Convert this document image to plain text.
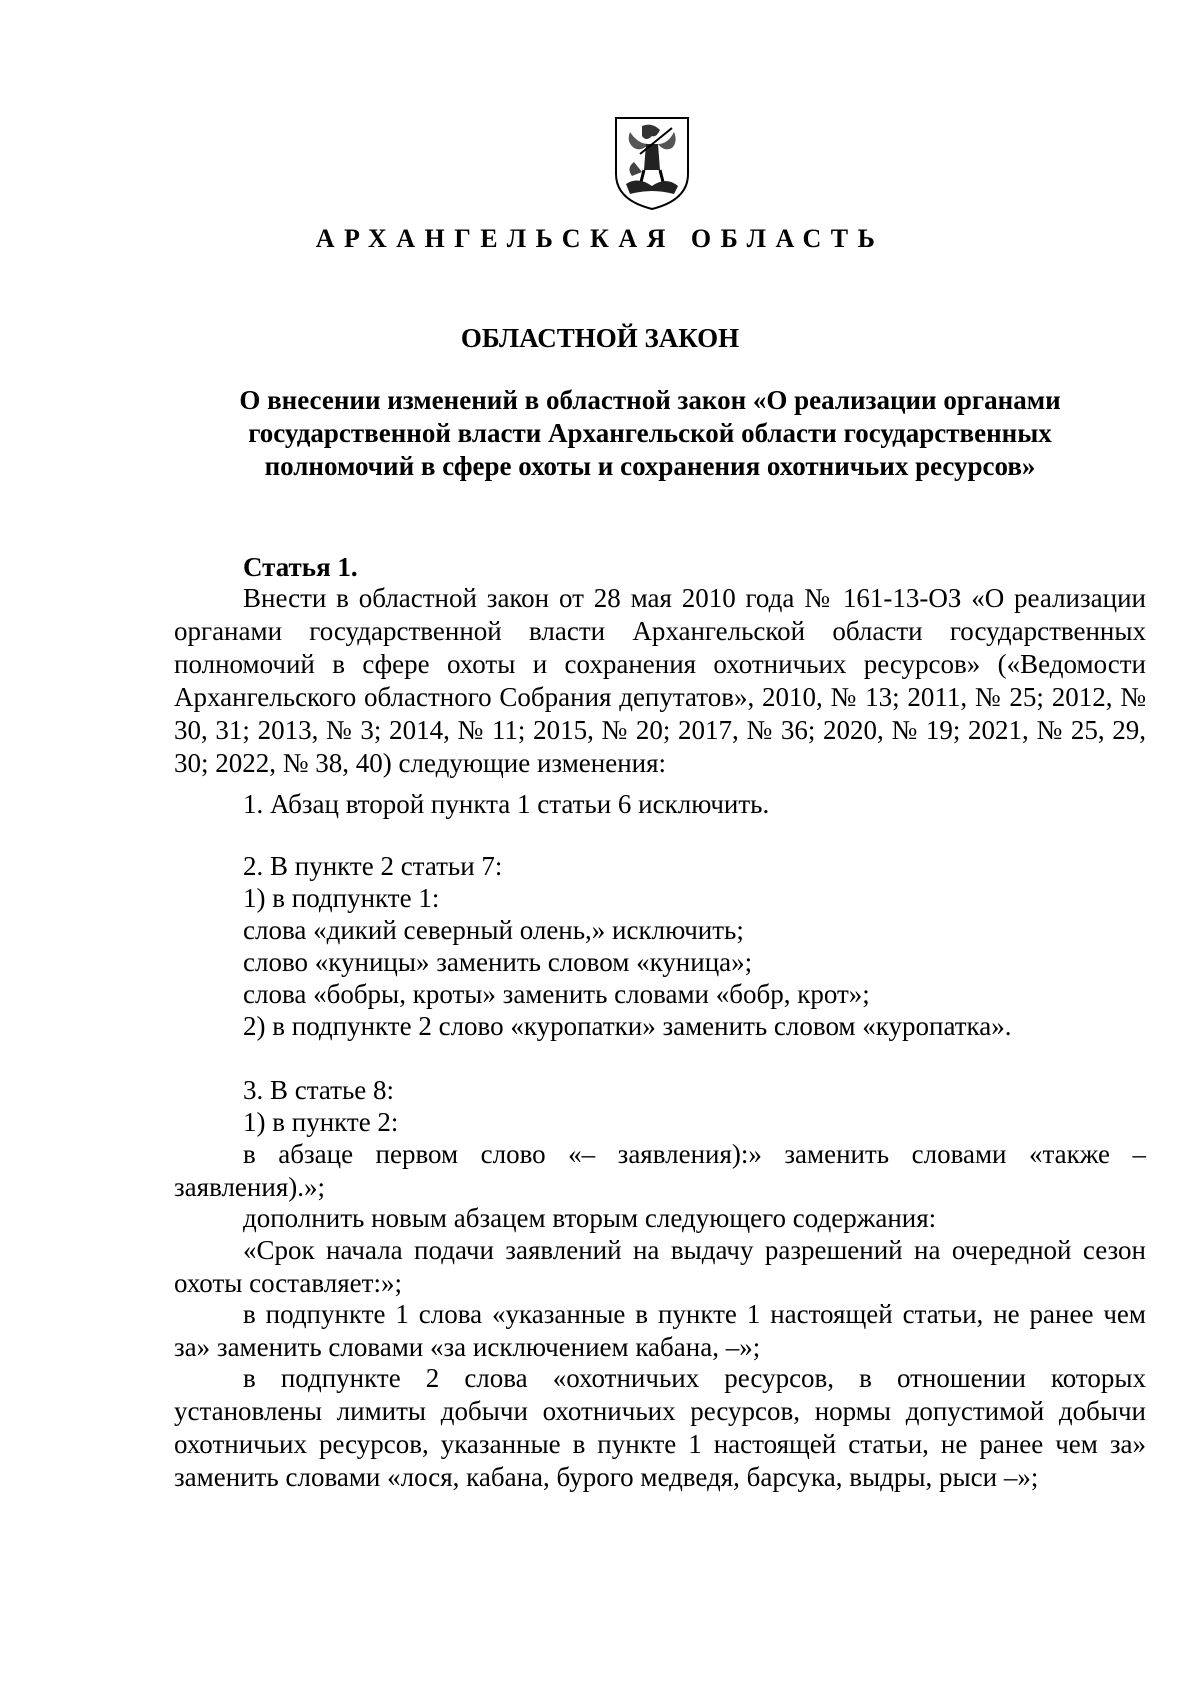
АРХАНГЕЛЬСКАЯ ОБЛАСТЬ
ОБЛАСТНОЙ ЗАКОН
О внесении изменений в областной закон «О реализации органами
государственной власти Архангельской области государственных
полномочий в сфере охоты и сохранения охотничьих ресурсов»
Статья 1.
Внести в областной закон от 28 мая 2010 года № 161-13-ОЗ «О реализации органами государственной власти Архангельской области государственных полномочий в сфере охоты и сохранения охотничьих ресурсов» («Ведомости Архангельского областного Собрания депутатов», 2010, № 13; 2011, № 25; 2012, № 30, 31; 2013, № 3; 2014, № 11; 2015, № 20; 2017, № 36; 2020, № 19; 2021, № 25, 29, 30; 2022, № 38, 40) следующие изменения:
1. Абзац второй пункта 1 статьи 6 исключить.
2. В пункте 2 статьи 7:
1) в подпункте 1:
слова «дикий северный олень,» исключить;
слово «куницы» заменить словом «куница»;
слова «бобры, кроты» заменить словами «бобр, крот»;
2) в подпункте 2 слово «куропатки» заменить словом «куропатка».
3. В статье 8:
1) в пункте 2:
в абзаце первом слово «– заявления):» заменить словами «также – заявления).»;
дополнить новым абзацем вторым следующего содержания:
«Срок начала подачи заявлений на выдачу разрешений на очередной сезон охоты составляет:»;
в подпункте 1 слова «указанные в пункте 1 настоящей статьи, не ранее чем за» заменить словами «за исключением кабана, –»;
в подпункте 2 слова «охотничьих ресурсов, в отношении которых установлены лимиты добычи охотничьих ресурсов, нормы допустимой добычи охотничьих ресурсов, указанные в пункте 1 настоящей статьи, не ранее чем за» заменить словами «лося, кабана, бурого медведя, барсука, выдры, рыси –»;
